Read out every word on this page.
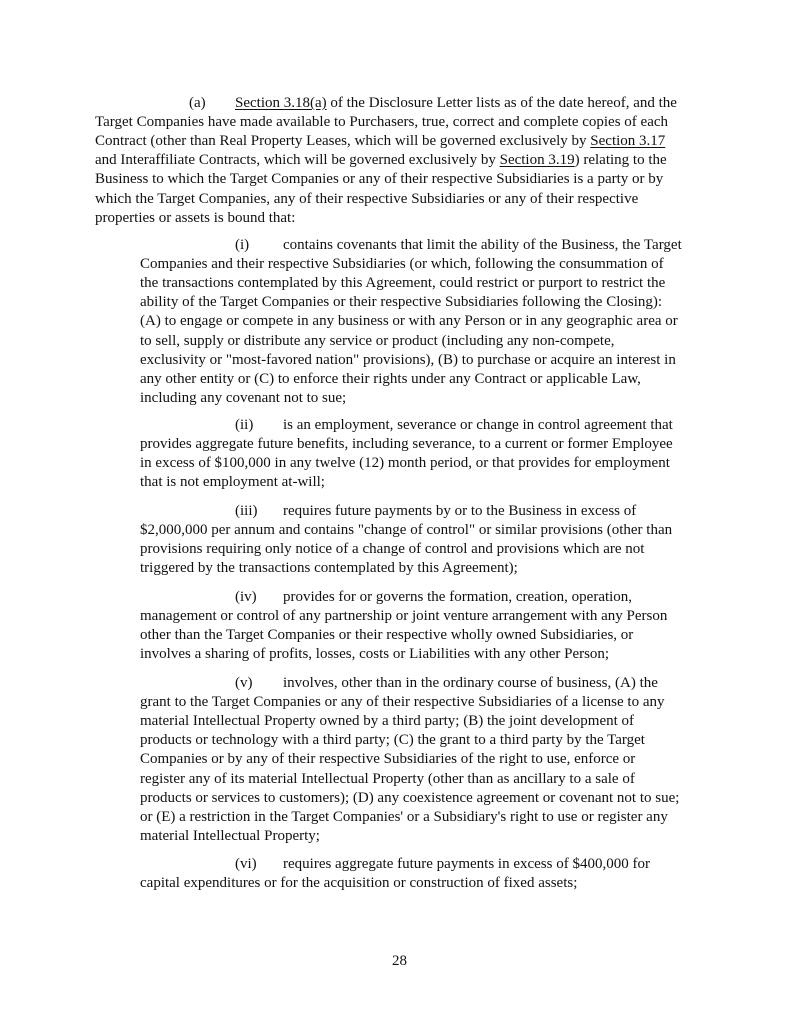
(a) Section 3.18(a) of the Disclosure Letter lists as of the date hereof, and the
Target Companies have made available to Purchasers, true, correct and complete copies of each
Contract (other than Real Property Leases, which will be governed exclusively by Section 3.17
and Interaffiliate Contracts, which will be governed exclusively by Section 3.19) relating to the
Business to which the Target Companies or any of their respective Subsidiaries is a party or by
which the Target Companies, any of their respective Subsidiaries or any of their respective
properties or assets is bound that:
(i) contains covenants that limit the ability of the Business, the Target
Companies and their respective Subsidiaries (or which, following the consummation of
the transactions contemplated by this Agreement, could restrict or purport to restrict the
ability of the Target Companies or their respective Subsidiaries following the Closing):
(A) to engage or compete in any business or with any Person or in any geographic area or
to sell, supply or distribute any service or product (including any non-compete,
exclusivity or "most-favored nation" provisions), (B) to purchase or acquire an interest in
any other entity or (C) to enforce their rights under any Contract or applicable Law,
including any covenant not to sue;
(ii) is an employment, severance or change in control agreement that
provides aggregate future benefits, including severance, to a current or former Employee
in excess of $100,000 in any twelve (12) month period, or that provides for employment
that is not employment at-will;
(iii) requires future payments by or to the Business in excess of
$2,000,000 per annum and contains "change of control" or similar provisions (other than
provisions requiring only notice of a change of control and provisions which are not
triggered by the transactions contemplated by this Agreement);
(iv) provides for or governs the formation, creation, operation,
management or control of any partnership or joint venture arrangement with any Person
other than the Target Companies or their respective wholly owned Subsidiaries, or
involves a sharing of profits, losses, costs or Liabilities with any other Person;
(v) involves, other than in the ordinary course of business, (A) the
grant to the Target Companies or any of their respective Subsidiaries of a license to any
material Intellectual Property owned by a third party; (B) the joint development of
products or technology with a third party; (C) the grant to a third party by the Target
Companies or by any of their respective Subsidiaries of the right to use, enforce or
register any of its material Intellectual Property (other than as ancillary to a sale of
products or services to customers); (D) any coexistence agreement or covenant not to sue;
or (E) a restriction in the Target Companies' or a Subsidiary's right to use or register any
material Intellectual Property;
(vi) requires aggregate future payments in excess of $400,000 for
capital expenditures or for the acquisition or construction of fixed assets;
28
